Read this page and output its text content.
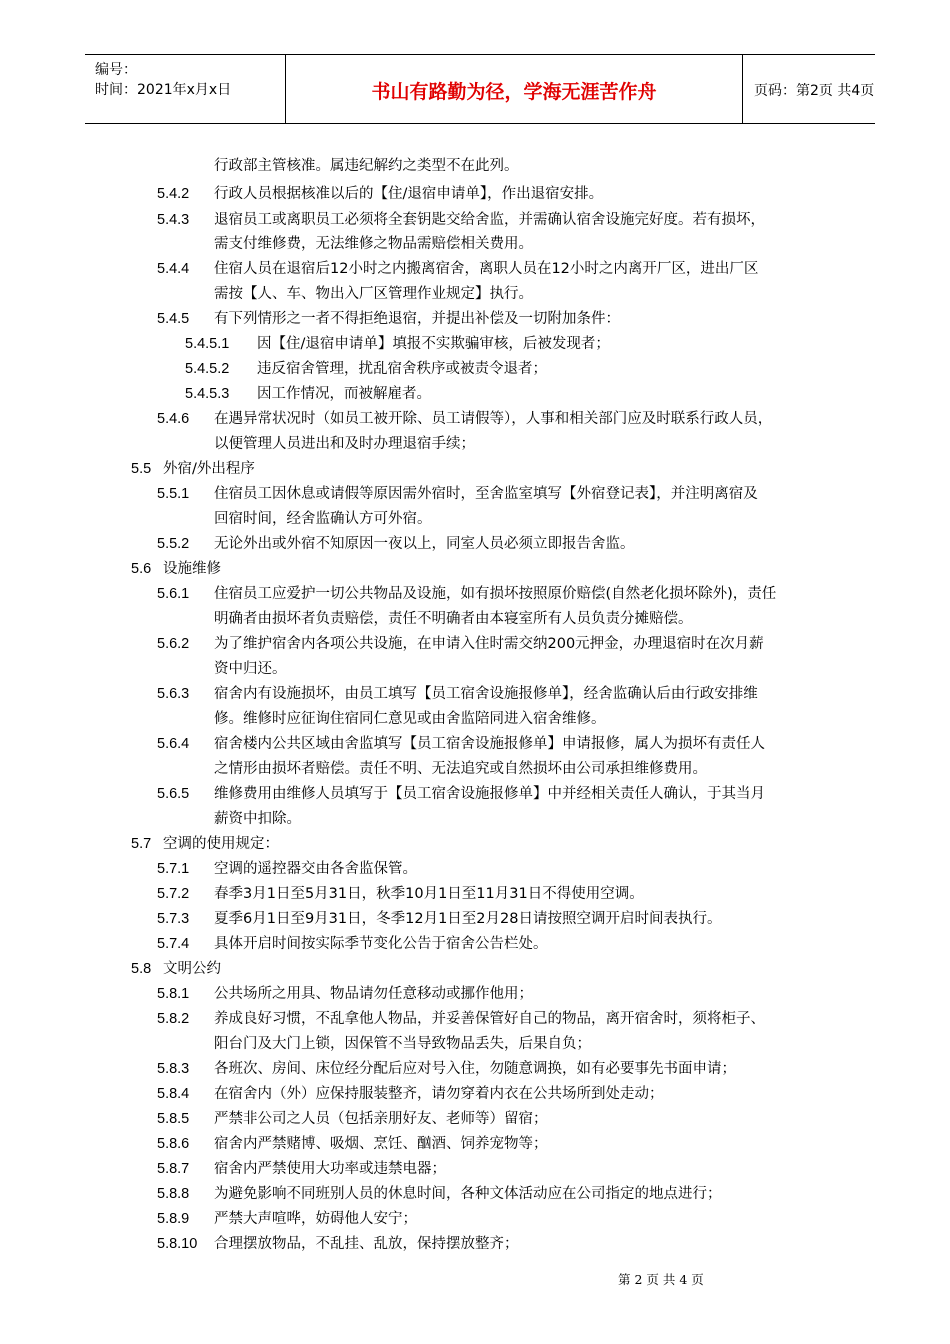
编号：
时间：2021年x月x日	书山有路勤为径，学海无涯苦作舟	页码：第2页 共4页
行政部主管核准。属违纪解约之类型不在此列。
5.4.2 行政人员根据核准以后的【住/退宿申请单】，作出退宿安排。
5.4.3 退宿员工或离职员工必须将全套钥匙交给舍监，并需确认宿舍设施完好度。若有损坏，
需支付维修费，无法维修之物品需赔偿相关费用。
5.4.4 住宿人员在退宿后12小时之内搬离宿舍，离职人员在12小时之内离开厂区，进出厂区
需按【人、车、物出入厂区管理作业规定】执行。
5.4.5 有下列情形之一者不得拒绝退宿，并提出补偿及一切附加条件：
5.4.5.1 因【住/退宿申请单】填报不实欺骗审核，后被发现者；
5.4.5.2 违反宿舍管理，扰乱宿舍秩序或被责令退者；
5.4.5.3 因工作情况，而被解雇者。
5.4.6 在遇异常状况时（如员工被开除、员工请假等），人事和相关部门应及时联系行政人员，
以便管理人员进出和及时办理退宿手续；
5.5 外宿/外出程序
5.5.1 住宿员工因休息或请假等原因需外宿时，至舍监室填写【外宿登记表】，并注明离宿及
回宿时间，经舍监确认方可外宿。
5.5.2 无论外出或外宿不知原因一夜以上，同室人员必须立即报告舍监。
5.6 设施维修
5.6.1 住宿员工应爱护一切公共物品及设施，如有损坏按照原价赔偿(自然老化损坏除外)，责任
明确者由损坏者负责赔偿，责任不明确者由本寝室所有人员负责分摊赔偿。
5.6.2 为了维护宿舍内各项公共设施，在申请入住时需交纳200元押金，办理退宿时在次月薪
资中归还。
5.6.3 宿舍内有设施损坏，由员工填写【员工宿舍设施报修单】，经舍监确认后由行政安排维
修。维修时应征询住宿同仁意见或由舍监陪同进入宿舍维修。
5.6.4 宿舍楼内公共区域由舍监填写【员工宿舍设施报修单】申请报修，属人为损坏有责任人
之情形由损坏者赔偿。责任不明、无法追究或自然损坏由公司承担维修费用。
5.6.5 维修费用由维修人员填写于【员工宿舍设施报修单】中并经相关责任人确认，于其当月
薪资中扣除。
5.7 空调的使用规定：
5.7.1 空调的遥控器交由各舍监保管。
5.7.2 春季3月1日至5月31日，秋季10月1日至11月31日不得使用空调。
5.7.3 夏季6月1日至9月31日，冬季12月1日至2月28日请按照空调开启时间表执行。
5.7.4 具体开启时间按实际季节变化公告于宿舍公告栏处。
5.8 文明公约
5.8.1 公共场所之用具、物品请勿任意移动或挪作他用；
5.8.2 养成良好习惯，不乱拿他人物品，并妥善保管好自己的物品，离开宿舍时，须将柜子、
阳台门及大门上锁，因保管不当导致物品丢失，后果自负；
5.8.3 各班次、房间、床位经分配后应对号入住，勿随意调换，如有必要事先书面申请；
5.8.4 在宿舍内（外）应保持服装整齐，请勿穿着内衣在公共场所到处走动；
5.8.5 严禁非公司之人员（包括亲朋好友、老师等）留宿；
5.8.6 宿舍内严禁赌博、吸烟、烹饪、酗酒、饲养宠物等；
5.8.7 宿舍内严禁使用大功率或违禁电器；
5.8.8 为避免影响不同班别人员的休息时间，各种文体活动应在公司指定的地点进行；
5.8.9 严禁大声喧哗，妨碍他人安宁；
5.8.10 合理摆放物品，不乱挂、乱放，保持摆放整齐；
第 2 页 共 4 页
